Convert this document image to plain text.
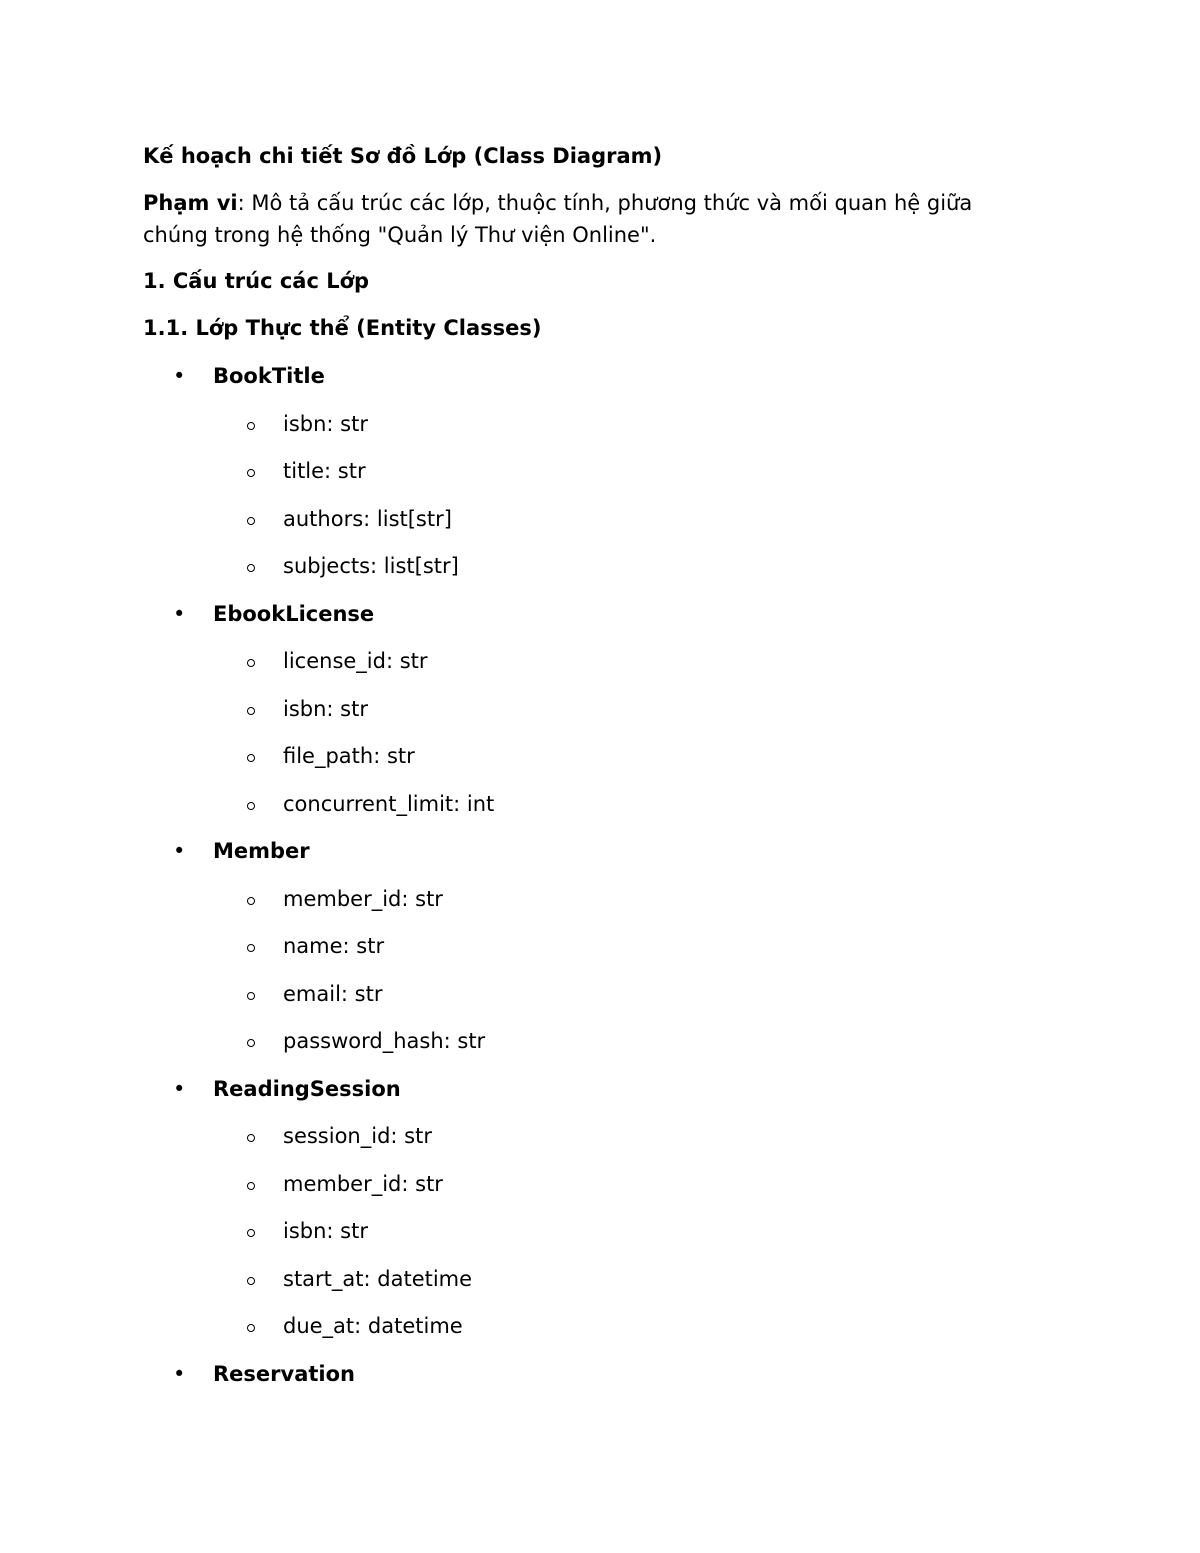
Kế hoạch chi tiết Sơ đồ Lớp (Class Diagram)
Phạm vi: Mô tả cấu trúc các lớp, thuộc tính, phương thức và mối quan hệ giữa chúng trong hệ thống "Quản lý Thư viện Online".
1. Cấu trúc các Lớp
1.1. Lớp Thực thể (Entity Classes)
• BookTitle
isbn: str
title: str
authors: list[str]
subjects: list[str]
• EbookLicense
license_id: str
isbn: str
file_path: str
concurrent_limit: int
• Member
member_id: str
name: str
email: str
password_hash: str
• ReadingSession
session_id: str
member_id: str
isbn: str
start_at: datetime
due_at: datetime
• Reservation
